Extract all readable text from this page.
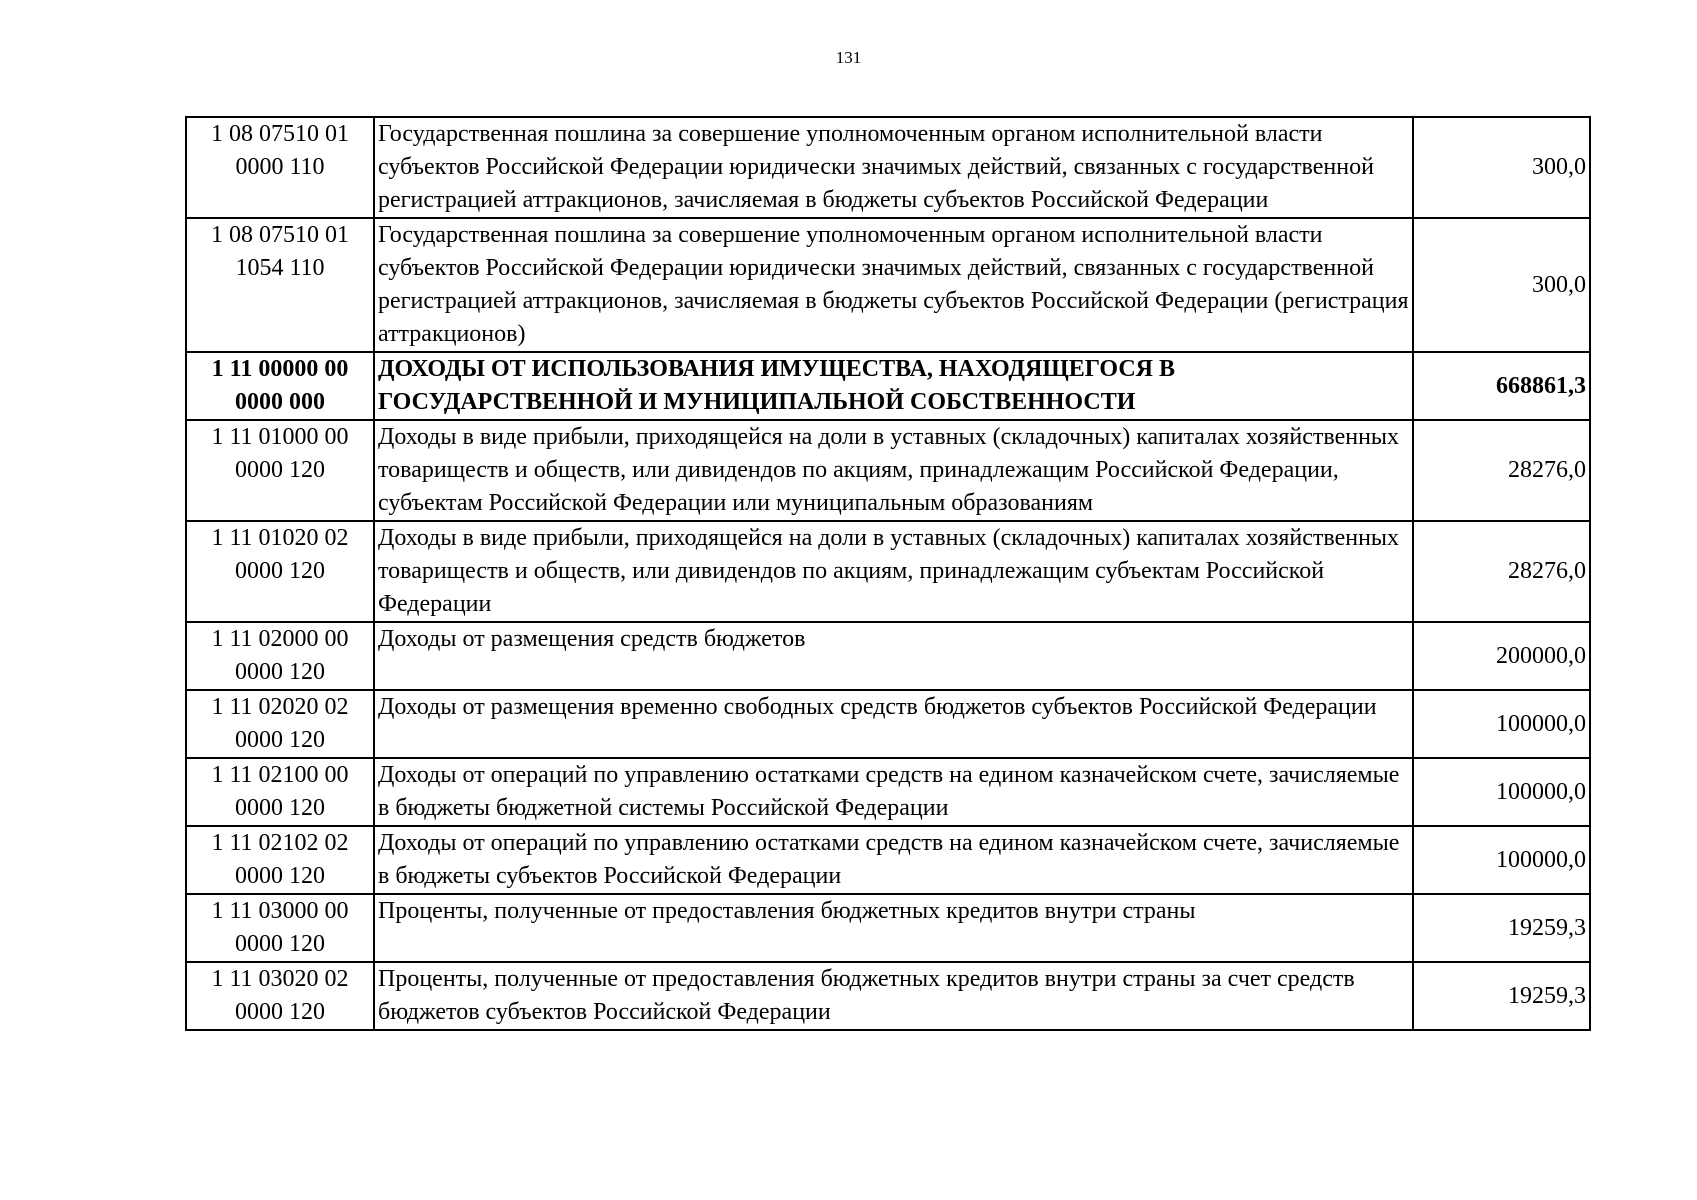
131
1 08 07510 01
0000 110	Государственная пошлина за совершение уполномоченным органом исполнительной власти субъектов Российской Федерации юридически значимых действий, связанных с государственной регистрацией аттракционов, зачисляемая в бюджеты субъектов Российской Федерации	300,0
1 08 07510 01
1054 110	Государственная пошлина за совершение уполномоченным органом исполнительной власти субъектов Российской Федерации юридически значимых действий, связанных с государственной регистрацией аттракционов, зачисляемая в бюджеты субъектов Российской Федерации (регистрация аттракционов)	300,0
1 11 00000 00
0000 000	ДОХОДЫ ОТ ИСПОЛЬЗОВАНИЯ ИМУЩЕСТВА, НАХОДЯЩЕГОСЯ В ГОСУДАРСТВЕННОЙ И МУНИЦИПАЛЬНОЙ СОБСТВЕННОСТИ	668861,3
1 11 01000 00
0000 120	Доходы в виде прибыли, приходящейся на доли в уставных (складочных) капиталах хозяйственных товариществ и обществ, или дивидендов по акциям, принадлежащим Российской Федерации, субъектам Российской Федерации или муниципальным образованиям	28276,0
1 11 01020 02
0000 120	Доходы в виде прибыли, приходящейся на доли в уставных (складочных) капиталах хозяйственных товариществ и обществ, или дивидендов по акциям, принадлежащим субъектам Российской Федерации	28276,0
1 11 02000 00
0000 120	Доходы от размещения средств бюджетов	200000,0
1 11 02020 02
0000 120	Доходы от размещения временно свободных средств бюджетов субъектов Российской Федерации	100000,0
1 11 02100 00
0000 120	Доходы от операций по управлению остатками средств на едином казначейском счете, зачисляемые в бюджеты бюджетной системы Российской Федерации	100000,0
1 11 02102 02
0000 120	Доходы от операций по управлению остатками средств на едином казначейском счете, зачисляемые в бюджеты субъектов Российской Федерации	100000,0
1 11 03000 00
0000 120	Проценты, полученные от предоставления бюджетных кредитов внутри страны	19259,3
1 11 03020 02
0000 120	Проценты, полученные от предоставления бюджетных кредитов внутри страны за счет средств бюджетов субъектов Российской Федерации	19259,3
